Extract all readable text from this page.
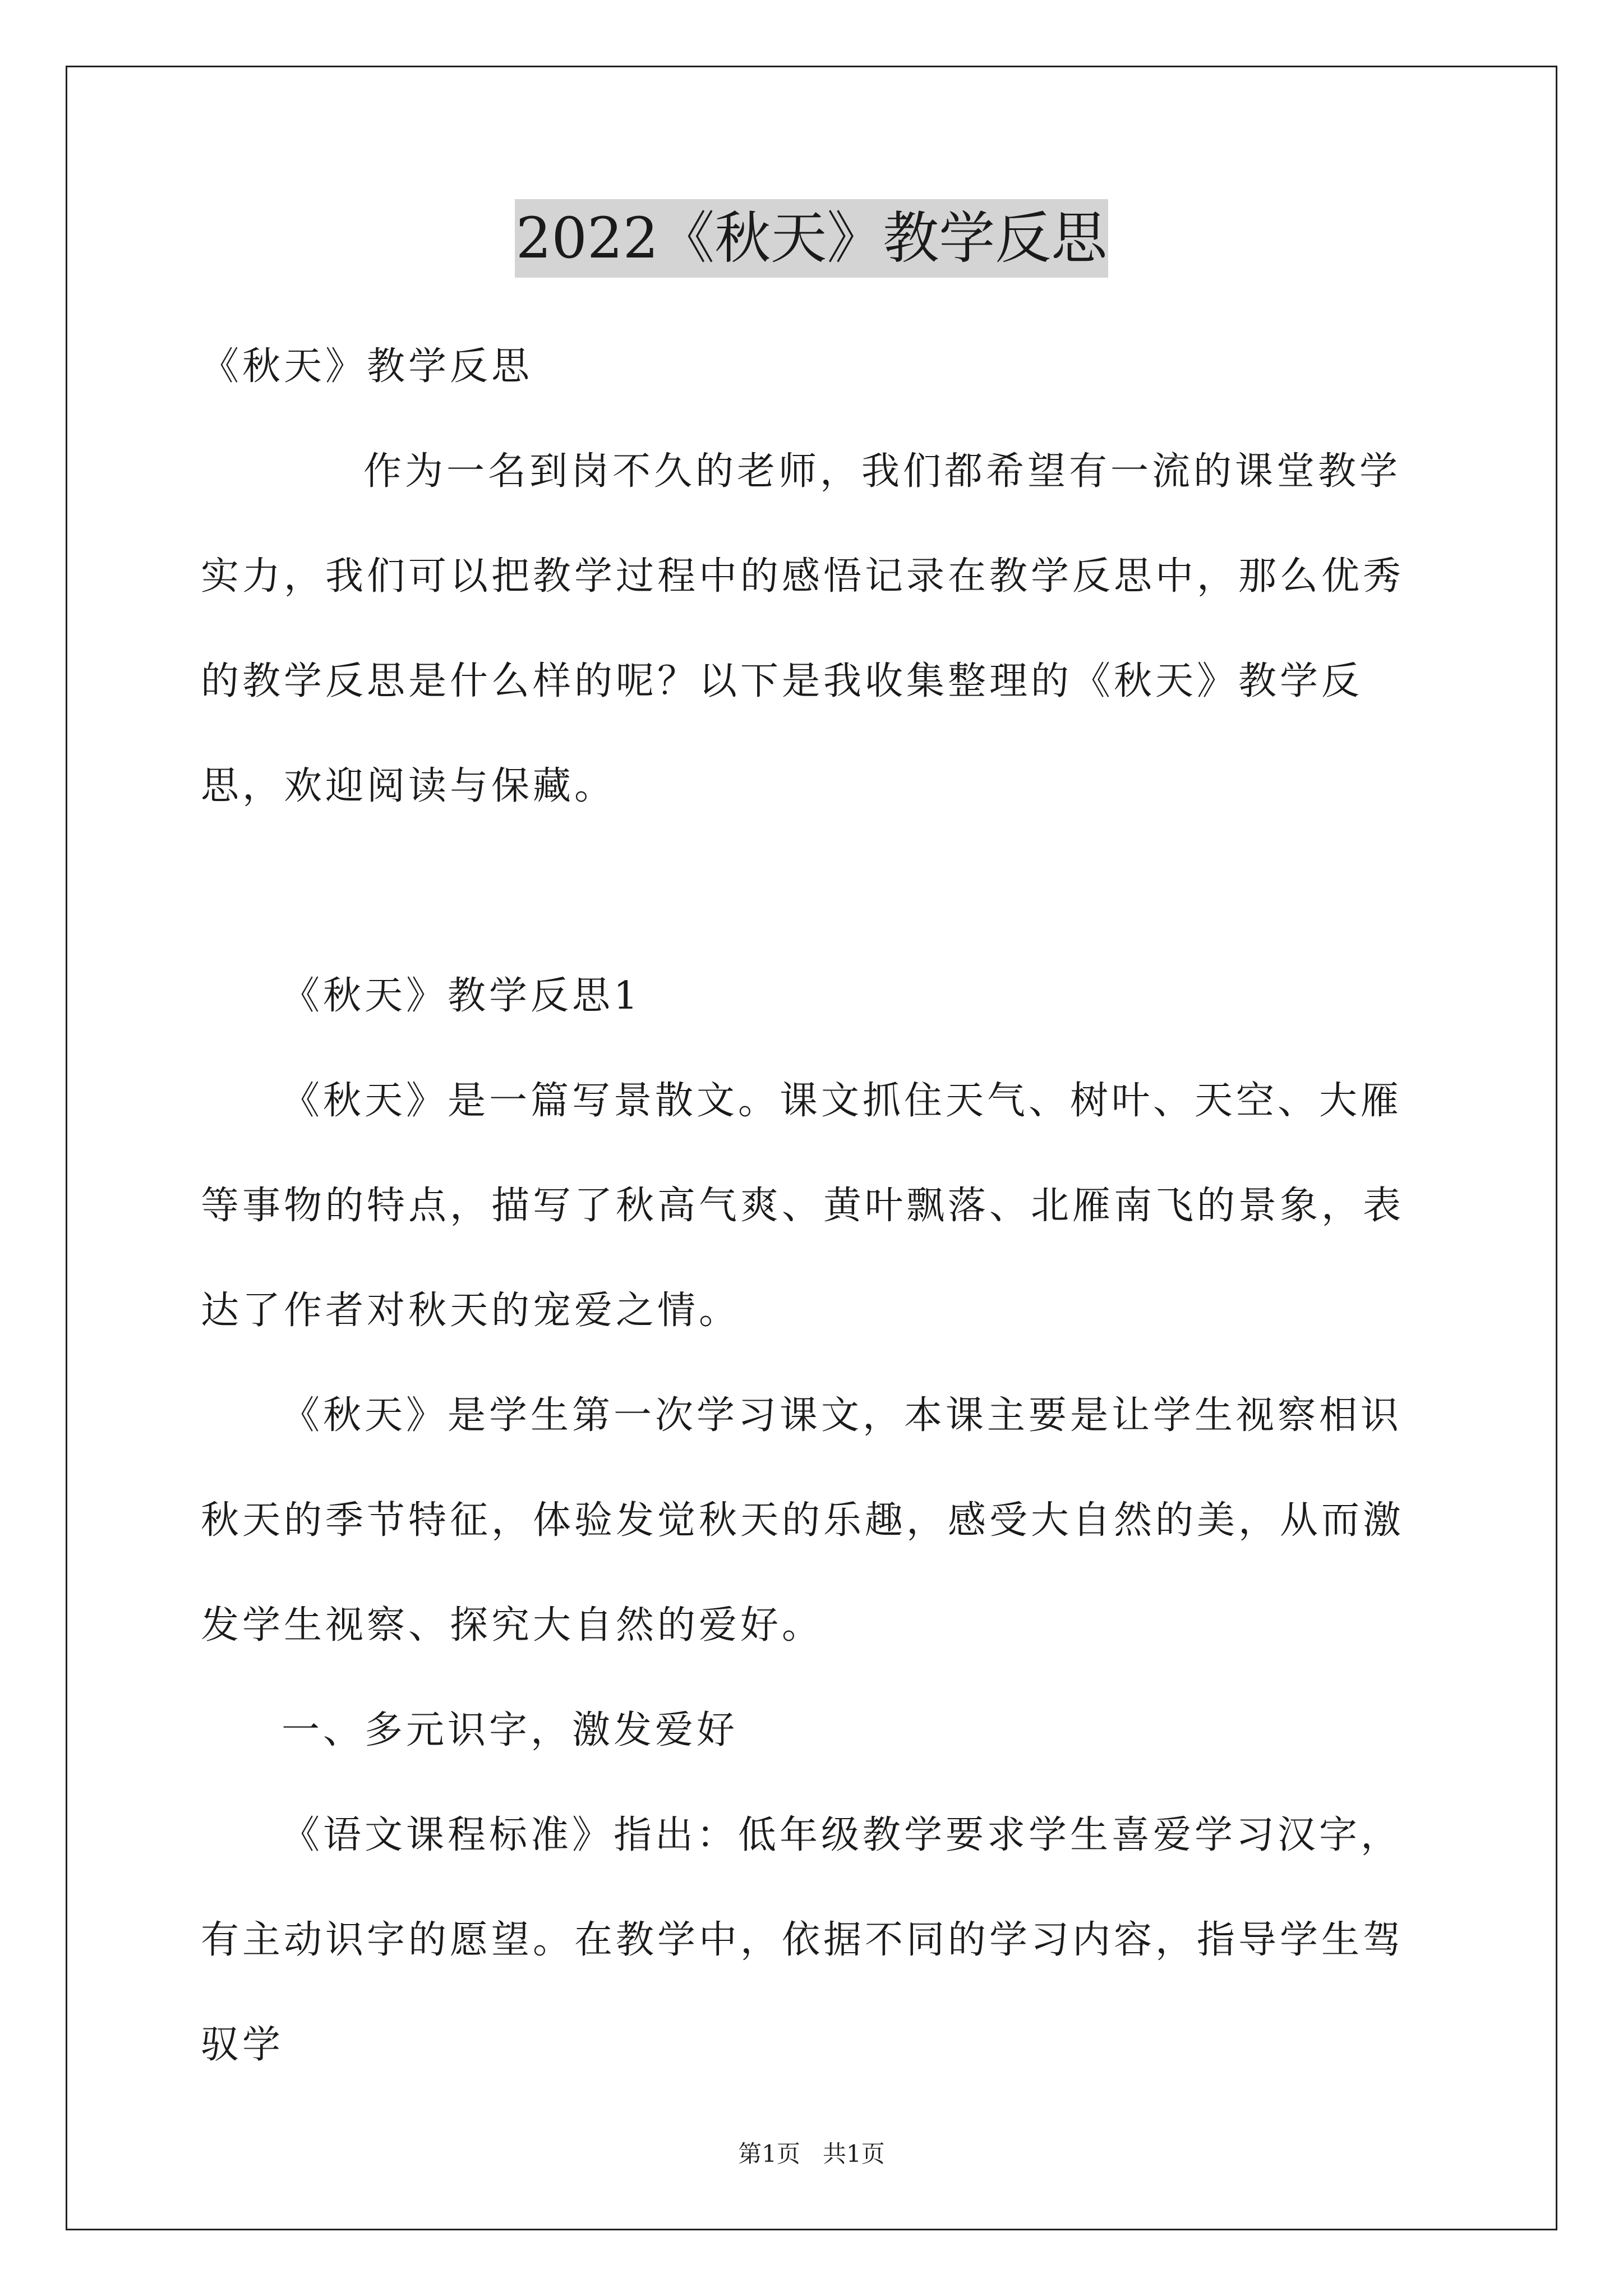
2022《秋天》教学反思

《秋天》教学反思

作为一名到岗不久的老师，我们都希望有一流的课堂教学实力，我们可以把教学过程中的感悟记录在教学反思中，那么优秀的教学反思是什么样的呢？以下是我收集整理的《秋天》教学反思，欢迎阅读与保藏。

《秋天》教学反思1

《秋天》是一篇写景散文。课文抓住天气、树叶、天空、大雁等事物的特点，描写了秋高气爽、黄叶飘落、北雁南飞的景象，表达了作者对秋天的宠爱之情。

《秋天》是学生第一次学习课文，本课主要是让学生视察相识秋天的季节特征，体验发觉秋天的乐趣，感受大自然的美，从而激发学生视察、探究大自然的爱好。

一、多元识字，激发爱好

《语文课程标准》指出：低年级教学要求学生喜爱学习汉字，有主动识字的愿望。在教学中，依据不同的学习内容，指导学生驾驭学

第1页   共1页
